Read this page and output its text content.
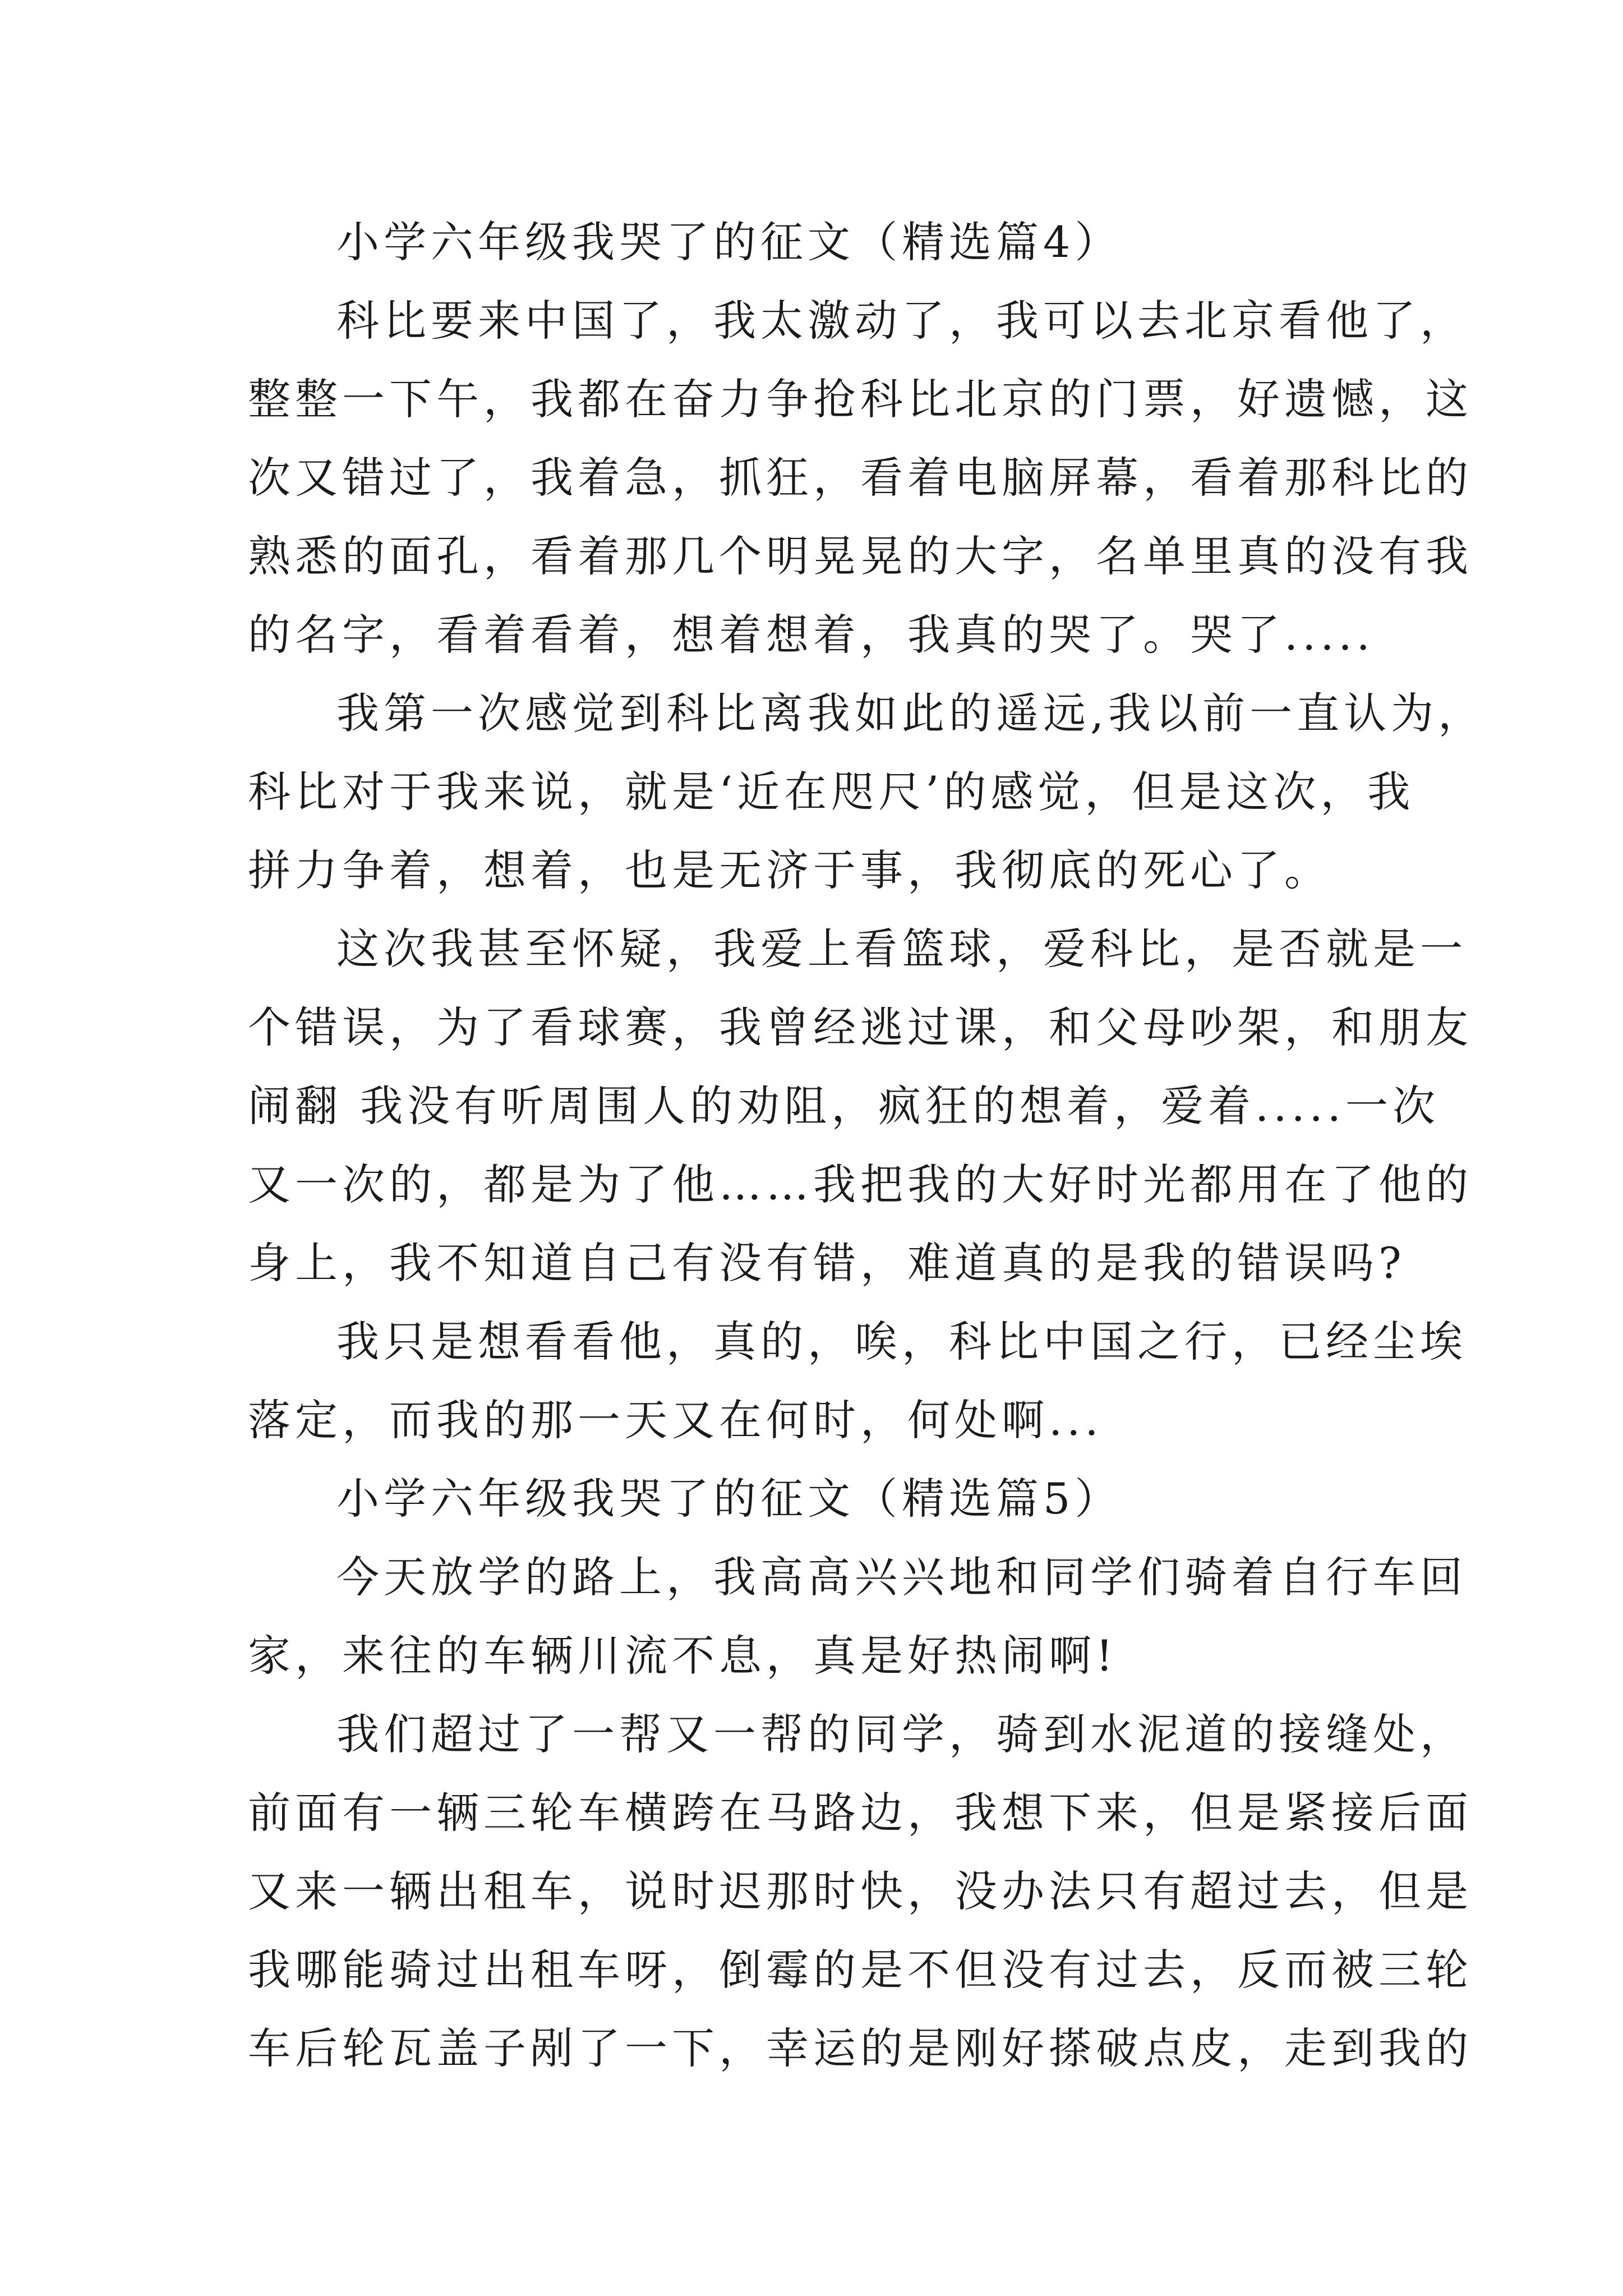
小学六年级我哭了的征文（精选篇4）
科比要来中国了，我太激动了，我可以去北京看他了，
整整一下午，我都在奋力争抢科比北京的门票，好遗憾，这
次又错过了，我着急，抓狂，看着电脑屏幕，看着那科比的
熟悉的面孔，看着那几个明晃晃的大字，名单里真的没有我
的名字，看着看着，想着想着，我真的哭了。哭了.....
我第一次感觉到科比离我如此的遥远,我以前一直认为，
科比对于我来说，就是‘近在咫尺’的感觉，但是这次，我
拼力争着，想着，也是无济于事，我彻底的死心了。
这次我甚至怀疑，我爱上看篮球，爱科比，是否就是一
个错误，为了看球赛，我曾经逃过课，和父母吵架，和朋友
闹翻 我没有听周围人的劝阻，疯狂的想着，爱着.....一次
又一次的，都是为了他……我把我的大好时光都用在了他的
身上，我不知道自己有没有错，难道真的是我的错误吗?
我只是想看看他，真的，唉，科比中国之行，已经尘埃
落定，而我的那一天又在何时，何处啊...
小学六年级我哭了的征文（精选篇5）
今天放学的路上，我高高兴兴地和同学们骑着自行车回
家，来往的车辆川流不息，真是好热闹啊!
我们超过了一帮又一帮的同学，骑到水泥道的接缝处，
前面有一辆三轮车横跨在马路边，我想下来，但是紧接后面
又来一辆出租车，说时迟那时快，没办法只有超过去，但是
我哪能骑过出租车呀，倒霉的是不但没有过去，反而被三轮
车后轮瓦盖子剐了一下，幸运的是刚好搽破点皮，走到我的
